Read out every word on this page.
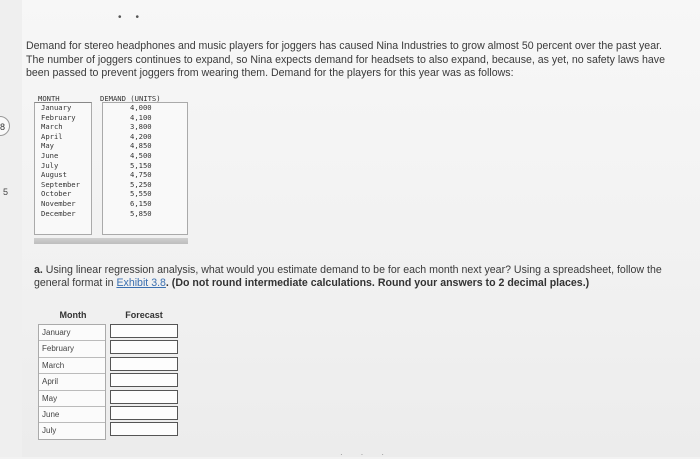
8
5
••
Demand for stereo headphones and music players for joggers has caused Nina Industries to grow almost 50 percent over the past year. The number of joggers continues to expand, so Nina expects demand for headsets to also expand, because, as yet, no safety laws have been passed to prevent joggers from wearing them. Demand for the players for this year was as follows:
MONTH	DEMAND (UNITS)
January	4,000
February	4,100
March	3,800
April	4,200
May	4,850
June	4,500
July	5,150
August	4,750
September	5,250
October	5,550
November	6,150
December	5,850
a. Using linear regression analysis, what would you estimate demand to be for each month next year? Using a spreadsheet, follow the general format in Exhibit 3.8. (Do not round intermediate calculations. Round your answers to 2 decimal places.)
Month	Forecast
January
February
March
April
May
June
July
···
